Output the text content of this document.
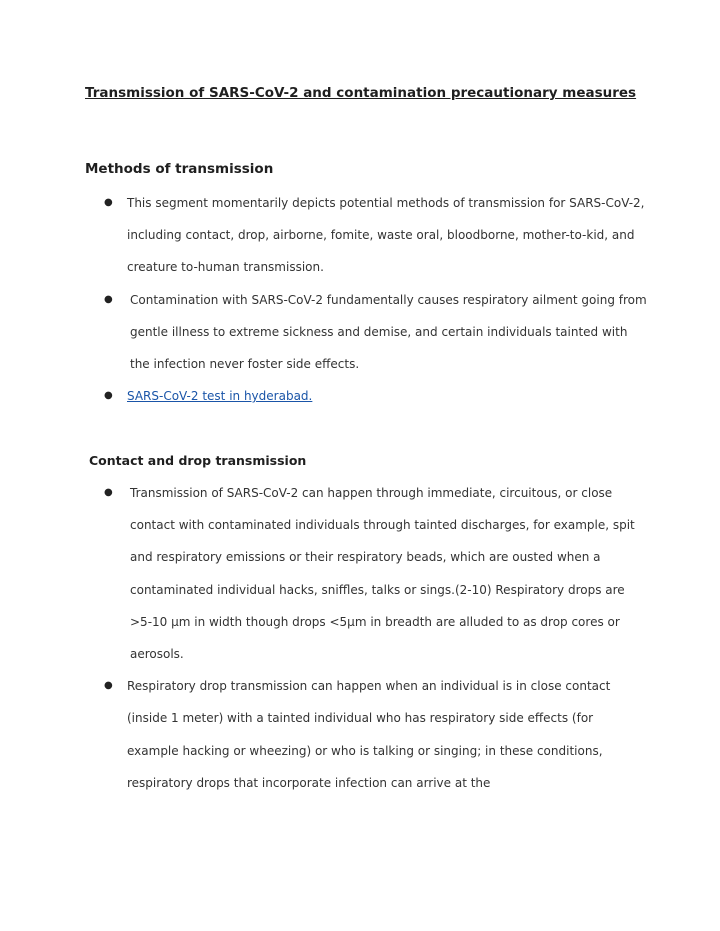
Transmission of SARS-CoV-2 and contamination precautionary measures
Methods of transmission
● This segment momentarily depicts potential methods of transmission for SARS-CoV-2, including contact, drop, airborne, fomite, waste oral, bloodborne, mother-to-kid, and creature to-human transmission.
● Contamination with SARS-CoV-2 fundamentally causes respiratory ailment going from gentle illness to extreme sickness and demise, and certain individuals tainted with the infection never foster side effects.
● SARS-CoV-2 test in hyderabad.
Contact and drop transmission
● Transmission of SARS-CoV-2 can happen through immediate, circuitous, or close contact with contaminated individuals through tainted discharges, for example, spit and respiratory emissions or their respiratory beads, which are ousted when a contaminated individual hacks, sniffles, talks or sings.(2-10) Respiratory drops are >5-10 μm in width though drops <5μm in breadth are alluded to as drop cores or aerosols.
● Respiratory drop transmission can happen when an individual is in close contact (inside 1 meter) with a tainted individual who has respiratory side effects (for example hacking or wheezing) or who is talking or singing; in these conditions, respiratory drops that incorporate infection can arrive at the
